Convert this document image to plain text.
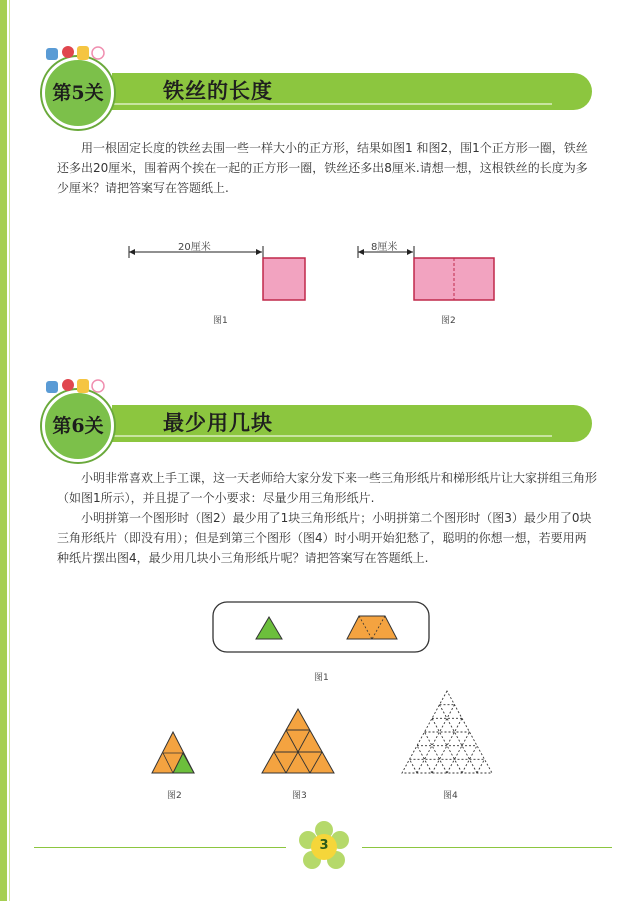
第5关	铁丝的长度

用一根固定长度的铁丝去围一些一样大小的正方形，结果如图1 和图2，围1个正方形一圈，铁丝还多出20厘米，围着两个挨在一起的正方形一圈，铁丝还多出8厘米.请想一想，这根铁丝的长度为多少厘米？请把答案写在答题纸上.

20厘米
图1
8厘米
图2
第6关	最少用几块

小明非常喜欢上手工课，这一天老师给大家分发下来一些三角形纸片和梯形纸片让大家拼组三角形（如图1所示），并且提了一个小要求：尽量少用三角形纸片.

小明拼第一个图形时（图2）最少用了1块三角形纸片；小明拼第二个图形时（图3）最少用了0块三角形纸片（即没有用）；但是到第三个图形（图4）时小明开始犯愁了，聪明的你想一想，若要用两种纸片摆出图4，最少用几块小三角形纸片呢？请把答案写在答题纸上.

图1
图2	图3	图4
3
